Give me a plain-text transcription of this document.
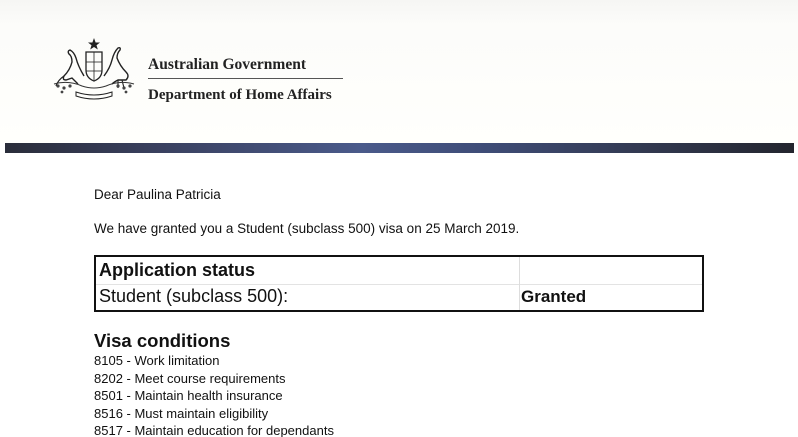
Australian Government
Department of Home Affairs
Dear Paulina Patricia
We have granted you a Student (subclass 500) visa on 25 March 2019.
Application status
Student (subclass 500):	Granted
Visa conditions
8105 - Work limitation
8202 - Meet course requirements
8501 - Maintain health insurance
8516 - Must maintain eligibility
8517 - Maintain education for dependants
